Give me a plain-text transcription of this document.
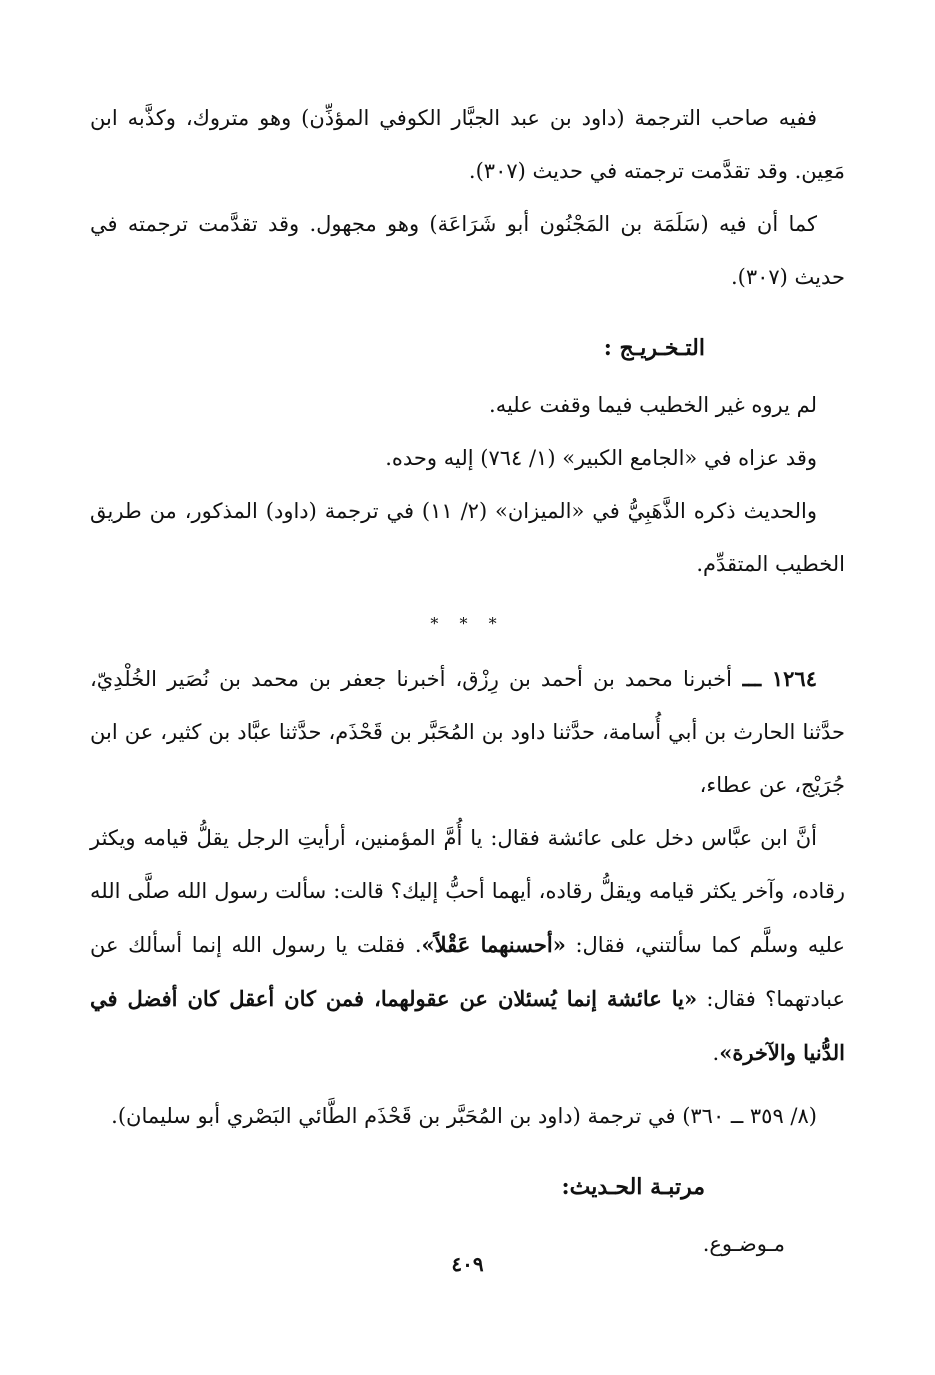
ففيه صاحب الترجمة (داود بن عبد الجبَّار الكوفي المؤذِّن) وهو متروك، وكذَّبه ابن مَعِين. وقد تقدَّمت ترجمته في حديث (٣٠٧).

كما أن فيه (سَلَمَة بن المَجْنُون أبو شَرَاعَة) وهو مجهول. وقد تقدَّمت ترجمته في حديث (٣٠٧).

التـخـريـج :

لم يروه غير الخطيب فيما وقفت عليه.

وقد عزاه في «الجامع الكبير» (١/ ٧٦٤) إليه وحده.

والحديث ذكره الذَّهَبِيُّ في «الميزان» (٢/ ١١) في ترجمة (داود) المذكور، من طريق الخطيب المتقدِّم.

* * *

١٢٦٤ ـــ أخبرنا محمد بن أحمد بن رِزْق، أخبرنا جعفر بن محمد بن نُصَير الخُلْدِيّ، حدَّثنا الحارث بن أبي أُسامة، حدَّثنا داود بن المُحَبَّر بن قَحْذَم، حدَّثنا عبَّاد بن كثير، عن ابن جُرَيْج، عن عطاء،

أنَّ ابن عبَّاس دخل على عائشة فقال: يا أُمَّ المؤمنين، أرأيتِ الرجل يقلُّ قيامه ويكثر رقاده، وآخر يكثر قيامه ويقلُّ رقاده، أيهما أحبُّ إليك؟ قالت: سألت رسول الله صلَّى الله عليه وسلَّم كما سألتني، فقال: «أحسنهما عَقْلاً». فقلت يا رسول الله إنما أسألك عن عبادتهما؟ فقال: «يا عائشة إنما يُسئلان عن عقولهما، فمن كان أعقل كان أفضل في الدُّنيا والآخرة».

(٨/ ٣٥٩ ــ ٣٦٠) في ترجمة (داود بن المُحَبَّر بن قَحْذَم الطَّائي البَصْري أبو سليمان).

مرتبـة الحـديث:

مـوضـوع.

٤٠٩
